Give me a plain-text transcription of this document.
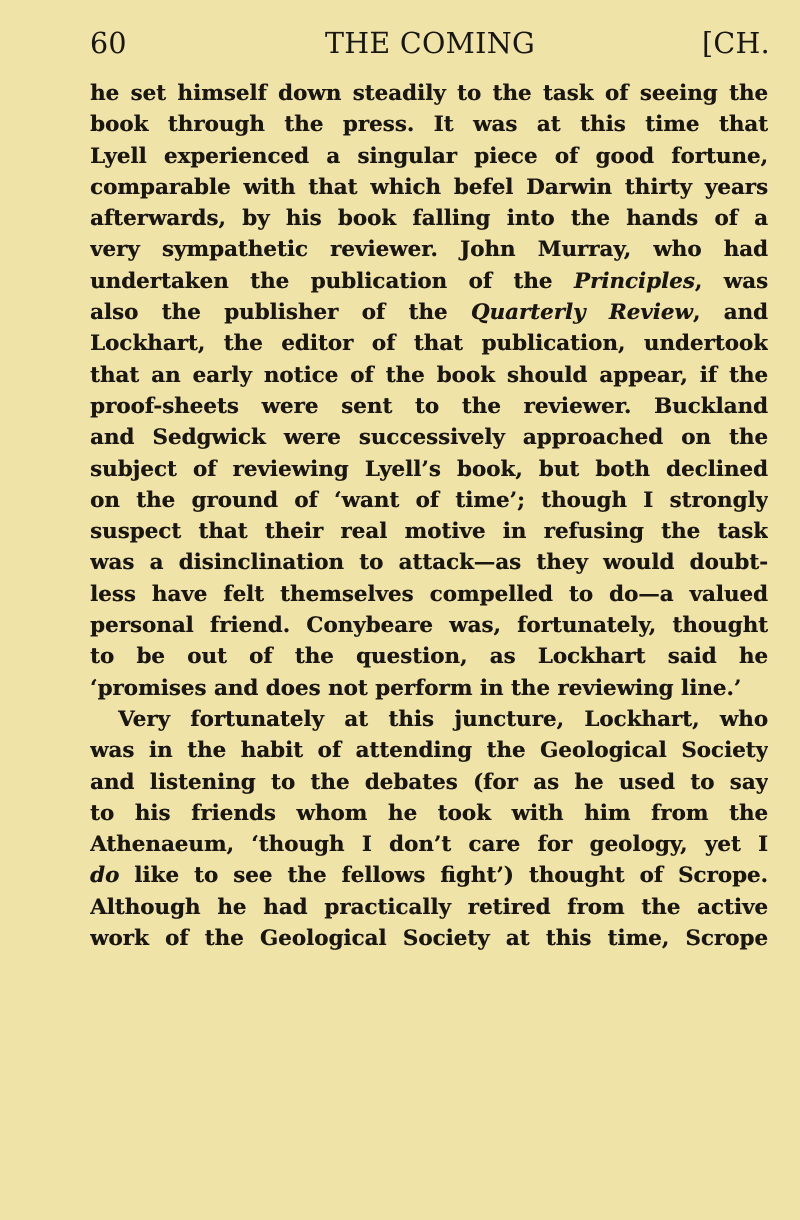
60	THE COMING	[CH.
he set himself down steadily to the task of seeing the
book through the press. It was at this time that
Lyell experienced a singular piece of good fortune,
comparable with that which befel Darwin thirty years
afterwards, by his book falling into the hands of a
very sympathetic reviewer. John Murray, who had
undertaken the publication of the Principles, was
also the publisher of the Quarterly Review, and
Lockhart, the editor of that publication, undertook
that an early notice of the book should appear, if the
proof-sheets were sent to the reviewer. Buckland
and Sedgwick were successively approached on the
subject of reviewing Lyell’s book, but both declined
on the ground of ‘want of time’; though I strongly
suspect that their real motive in refusing the task
was a disinclination to attack—as they would doubt-
less have felt themselves compelled to do—a valued
personal friend. Conybeare was, fortunately, thought
to be out of the question, as Lockhart said he
‘promises and does not perform in the reviewing line.’
Very fortunately at this juncture, Lockhart, who
was in the habit of attending the Geological Society
and listening to the debates (for as he used to say
to his friends whom he took with him from the
Athenaeum, ‘though I don’t care for geology, yet I
do like to see the fellows fight’) thought of Scrope.
Although he had practically retired from the active
work of the Geological Society at this time, Scrope
